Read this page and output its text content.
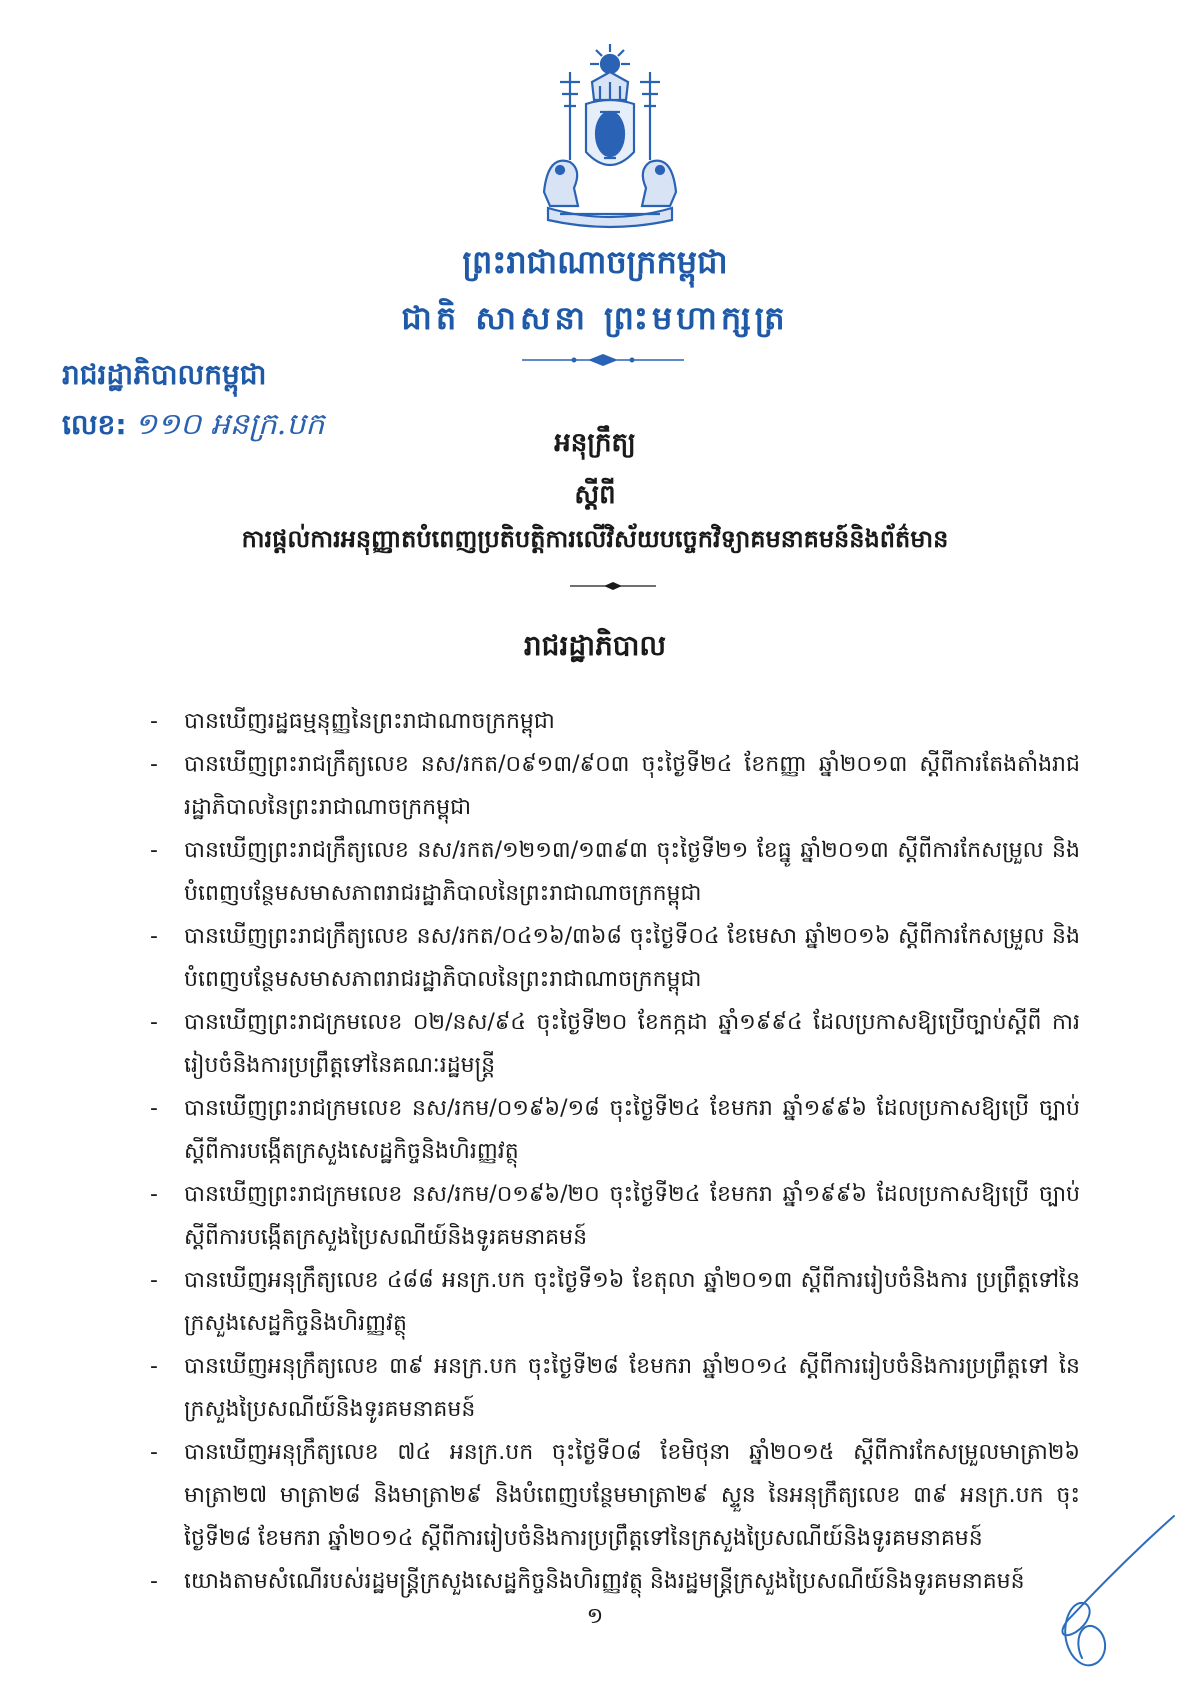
ព្រះរាជាណាចក្រកម្ពុជា
ជាតិ សាសនា ព្រះមហាក្សត្រ
រាជរដ្ឋាភិបាលកម្ពុជា
លេខ: ១១០ អនក្រ.បក
អនុក្រឹត្យ
ស្តីពី
ការផ្តល់ការអនុញ្ញាតបំពេញប្រតិបត្តិការលើវិស័យបច្ចេកវិទ្យាគមនាគមន៍និងព័ត៌មាន
រាជរដ្ឋាភិបាល
- បានឃើញរដ្ឋធម្មនុញ្ញនៃព្រះរាជាណាចក្រកម្ពុជា
- បានឃើញព្រះរាជក្រឹត្យលេខ នស/រកត/០៩១៣/៩០៣ ចុះថ្ងៃទី២៤ ខែកញ្ញា ឆ្នាំ២០១៣ ស្តីពីការតែងតាំងរាជរដ្ឋាភិបាលនៃព្រះរាជាណាចក្រកម្ពុជា
- បានឃើញព្រះរាជក្រឹត្យលេខ នស/រកត/១២១៣/១៣៩៣ ចុះថ្ងៃទី២១ ខែធ្នូ ឆ្នាំ២០១៣ ស្តីពីការកែសម្រួល និងបំពេញបន្ថែមសមាសភាពរាជរដ្ឋាភិបាលនៃព្រះរាជាណាចក្រកម្ពុជា
- បានឃើញព្រះរាជក្រឹត្យលេខ នស/រកត/០៤១៦/៣៦៨ ចុះថ្ងៃទី០៤ ខែមេសា ឆ្នាំ២០១៦ ស្តីពីការកែសម្រួល និងបំពេញបន្ថែមសមាសភាពរាជរដ្ឋាភិបាលនៃព្រះរាជាណាចក្រកម្ពុជា
- បានឃើញព្រះរាជក្រមលេខ ០២/នស/៩៤ ចុះថ្ងៃទី២០ ខែកក្កដា ឆ្នាំ១៩៩៤ ដែលប្រកាសឱ្យប្រើច្បាប់ស្តីពី ការរៀបចំនិងការប្រព្រឹត្តទៅនៃគណៈរដ្ឋមន្ត្រី
- បានឃើញព្រះរាជក្រមលេខ នស/រកម/០១៩៦/១៨ ចុះថ្ងៃទី២៤ ខែមករា ឆ្នាំ១៩៩៦ ដែលប្រកាសឱ្យប្រើ ច្បាប់ស្តីពីការបង្កើតក្រសួងសេដ្ឋកិច្ចនិងហិរញ្ញវត្ថុ
- បានឃើញព្រះរាជក្រមលេខ នស/រកម/០១៩៦/២០ ចុះថ្ងៃទី២៤ ខែមករា ឆ្នាំ១៩៩៦ ដែលប្រកាសឱ្យប្រើ ច្បាប់ស្តីពីការបង្កើតក្រសួងប្រៃសណីយ៍និងទូរគមនាគមន៍
- បានឃើញអនុក្រឹត្យលេខ ៤៨៨ អនក្រ.បក ចុះថ្ងៃទី១៦ ខែតុលា ឆ្នាំ២០១៣ ស្តីពីការរៀបចំនិងការ ប្រព្រឹត្តទៅនៃក្រសួងសេដ្ឋកិច្ចនិងហិរញ្ញវត្ថុ
- បានឃើញអនុក្រឹត្យលេខ ៣៩ អនក្រ.បក ចុះថ្ងៃទី២៨ ខែមករា ឆ្នាំ២០១៤ ស្តីពីការរៀបចំនិងការប្រព្រឹត្តទៅ នៃក្រសួងប្រៃសណីយ៍និងទូរគមនាគមន៍
- បានឃើញអនុក្រឹត្យលេខ ៧៤ អនក្រ.បក ចុះថ្ងៃទី០៨ ខែមិថុនា ឆ្នាំ២០១៥ ស្តីពីការកែសម្រួលមាត្រា២៦ មាត្រា២៧ មាត្រា២៨ និងមាត្រា២៩ និងបំពេញបន្ថែមមាត្រា២៩ ស្ទួន នៃអនុក្រឹត្យលេខ ៣៩ អនក្រ.បក ចុះថ្ងៃទី២៨ ខែមករា ឆ្នាំ២០១៤ ស្តីពីការរៀបចំនិងការប្រព្រឹត្តទៅនៃក្រសួងប្រៃសណីយ៍និងទូរគមនាគមន៍
- យោងតាមសំណើរបស់រដ្ឋមន្ត្រីក្រសួងសេដ្ឋកិច្ចនិងហិរញ្ញវត្ថុ និងរដ្ឋមន្ត្រីក្រសួងប្រៃសណីយ៍និងទូរគមនាគមន៍
១
